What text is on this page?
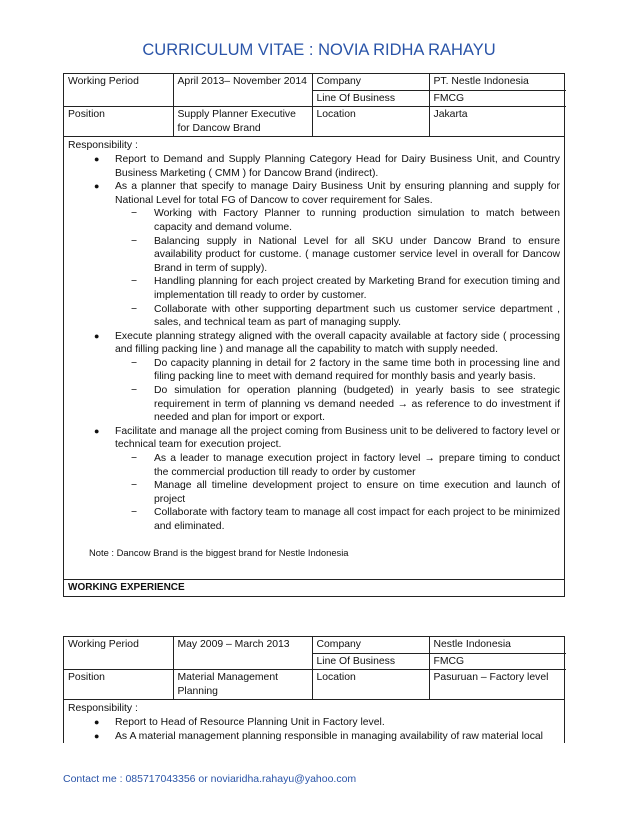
CURRICULUM VITAE : NOVIA RIDHA RAHAYU
Working Period	April 2013– November 2014	Company	PT. Nestle Indonesia
		Line Of Business	FMCG
Position	Supply Planner Executive for Dancow Brand	Location	Jakarta
Responsibility :
● Report to Demand and Supply Planning Category Head for Dairy Business Unit, and Country Business Marketing ( CMM ) for Dancow Brand (indirect).
● As a planner that specify to manage Dairy Business Unit by ensuring planning and supply for National Level for total FG of Dancow to cover requirement for Sales.
− Working with Factory Planner to running production simulation to match between capacity and demand volume.
− Balancing supply in National Level for all SKU under Dancow Brand to ensure availability product for custome. ( manage customer service level in overall for Dancow Brand in term of supply).
− Handling planning for each project created by Marketing Brand for execution timing and implementation till ready to order by customer.
− Collaborate with other supporting department such us customer service department , sales, and technical team as part of managing supply.
● Execute planning strategy aligned with the overall capacity available at factory side ( processing and filling packing line ) and manage all the capability to match with supply needed.
− Do capacity planning in detail for 2 factory in the same time both in processing line and filing packing line to meet with demand required for monthly basis and yearly basis.
− Do simulation for operation planning (budgeted) in yearly basis to see strategic requirement in term of planning vs demand needed → as reference to do investment if needed and plan for import or export.
● Facilitate and manage all the project coming from Business unit to be delivered to factory level or technical team for execution project.
− As a leader to manage execution project in factory level → prepare timing to conduct the commercial production till ready to order by customer
− Manage all timeline development project to ensure on time execution and launch of project
− Collaborate with factory team to manage all cost impact for each project to be minimized and eliminated.
Note : Dancow Brand is the biggest brand for Nestle Indonesia
WORKING EXPERIENCE
Working Period	May 2009 – March 2013	Company	Nestle Indonesia
		Line Of Business	FMCG
Position	Material Management Planning	Location	Pasuruan – Factory level
Responsibility :
● Report to Head of Resource Planning Unit in Factory level.
● As A material management planning responsible in managing availability of raw material local
Contact me : 085717043356 or noviaridha.rahayu@yahoo.com
